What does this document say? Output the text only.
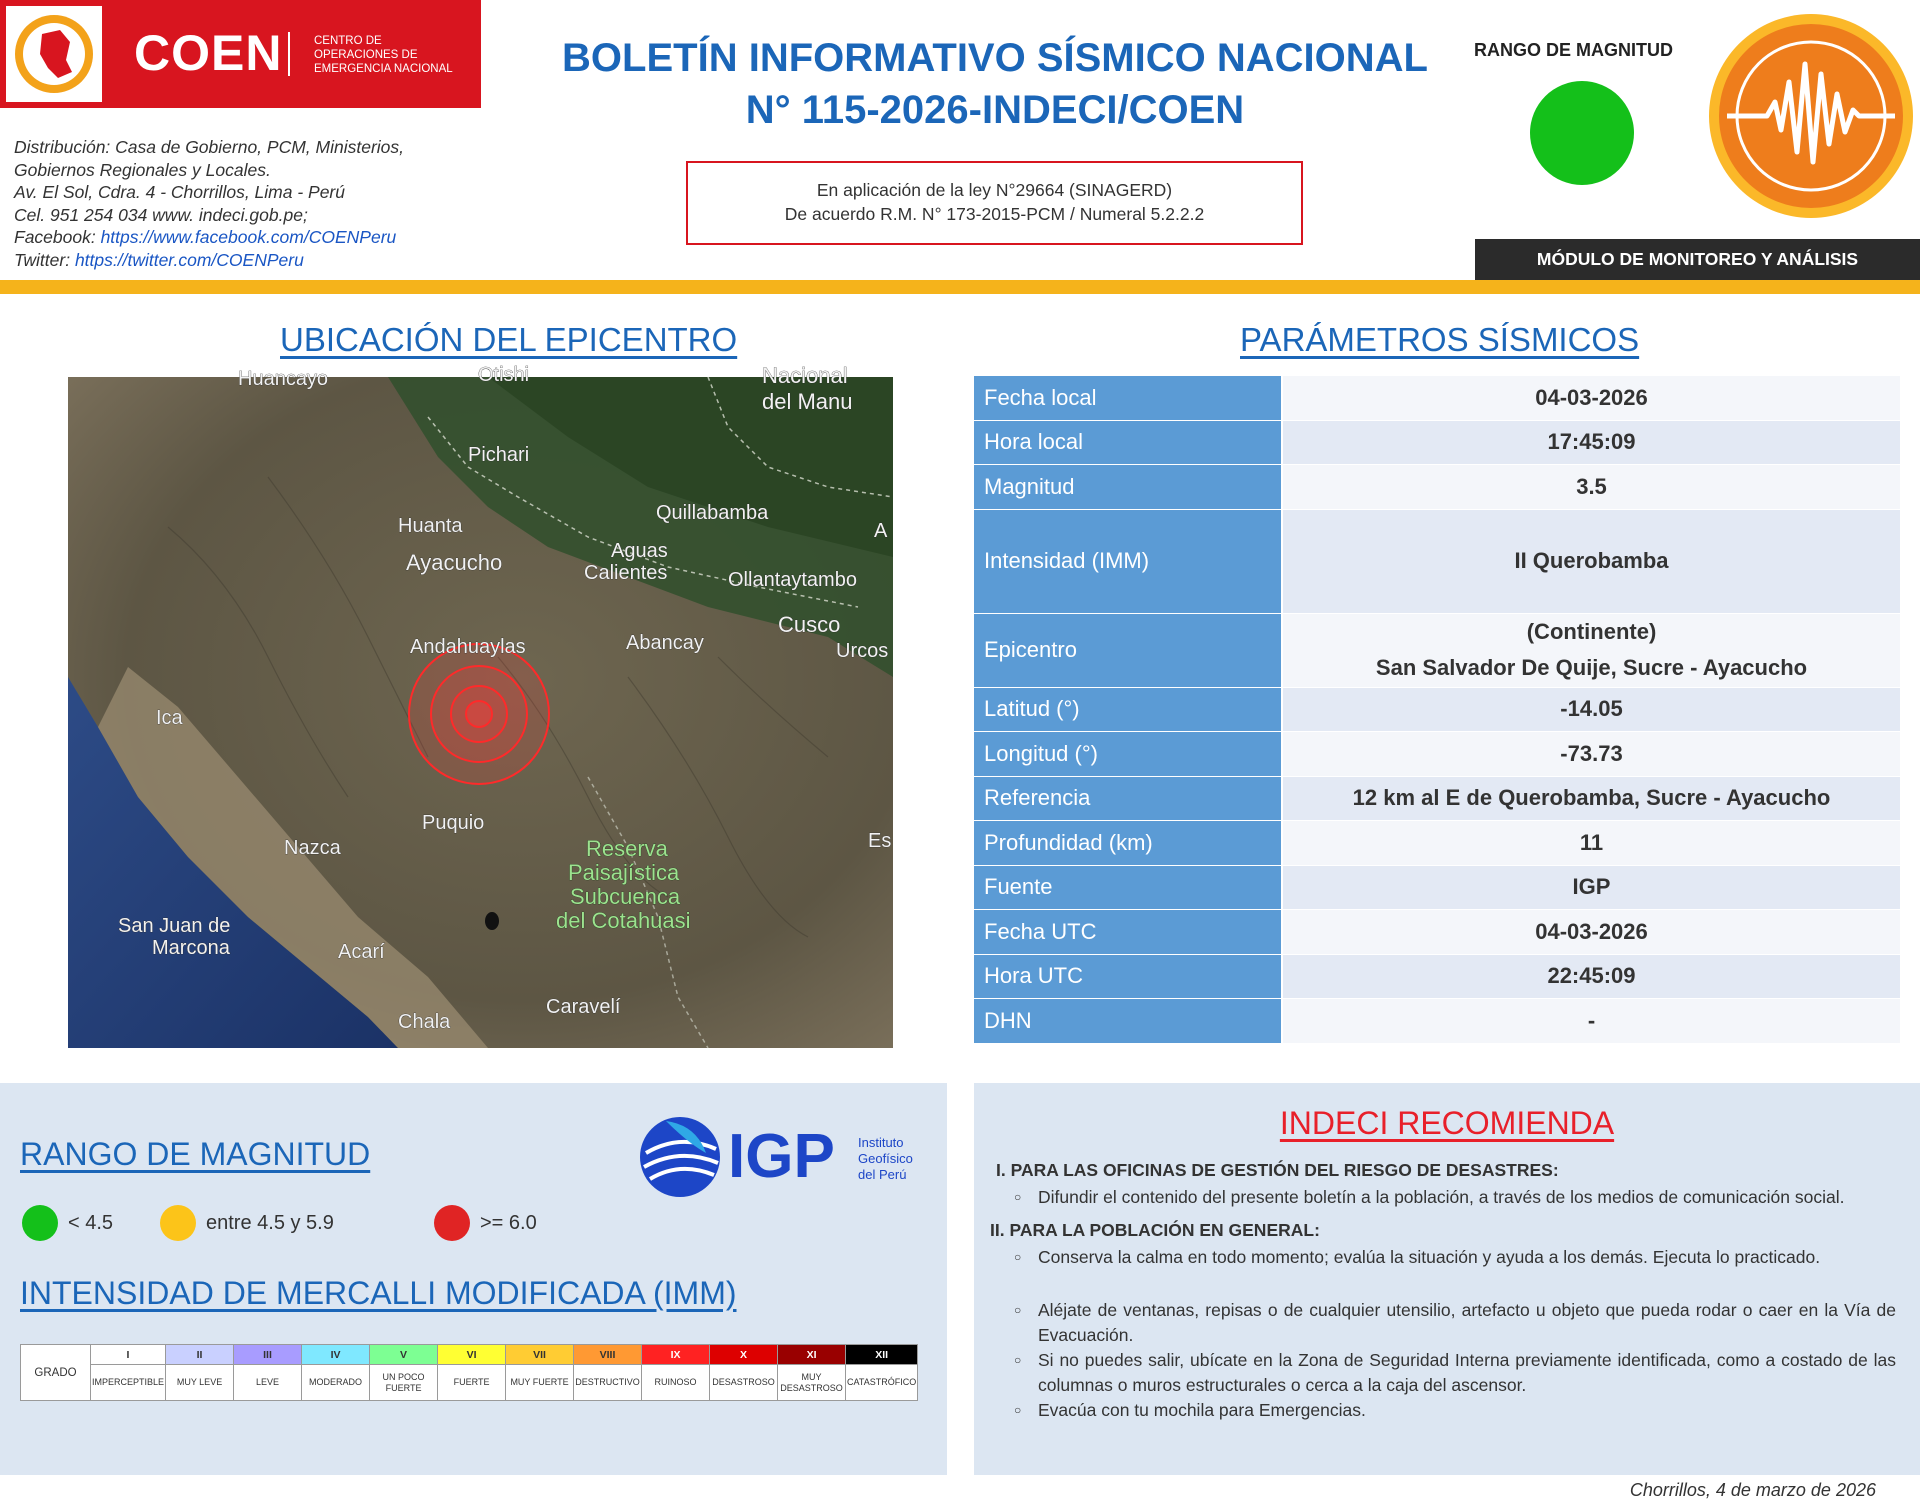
COEN	CENTRO DE
OPERACIONES DE
EMERGENCIA NACIONAL
Distribución: Casa de Gobierno, PCM, Ministerios,
Gobiernos Regionales y Locales.
Av. El Sol, Cdra. 4 - Chorrillos, Lima - Perú
Cel. 951 254 034 www. indeci.gob.pe;
Facebook: https://www.facebook.com/COENPeru
Twitter: https://twitter.com/COENPeru
BOLETÍN INFORMATIVO SÍSMICO NACIONAL
N° 115-2026-INDECI/COEN
En aplicación de la ley N°29664 (SINAGERD)
De acuerdo R.M. N° 173-2015-PCM / Numeral 5.2.2.2
RANGO DE MAGNITUD
MÓDULO DE MONITOREO Y ANÁLISIS
UBICACIÓN DEL EPICENTRO	PARÁMETROS SÍSMICOS
Huancayo	Otishi	Nacional
del Manu
Pichari
Quillabamba
Huanta
Ayacucho	Aguas
Calientes	Ollantaytambo
A
Andahuaylas	Abancay
Cusco
Urcos
Ica
Puquio
Nazca	Es
Reserva
Paisajística
Subcuenca
del Cotahuasi
San Juan de
Marcona	Acarí
Chala
Caravelí
Fecha local	04-03-2026
Hora local	17:45:09
Magnitud	3.5
Intensidad (IMM)	II Querobamba
Epicentro
(Continente)
San Salvador De Quije, Sucre - Ayacucho
Latitud (°)	-14.05
Longitud (°)	-73.73
Referencia	12 km al E de Querobamba, Sucre - Ayacucho
Profundidad (km)	11
Fuente	IGP
Fecha UTC	04-03-2026
Hora UTC	22:45:09
DHN	-
RANGO DE MAGNITUD	IGP Instituto
Geofísico
del Perú
< 4.5	entre 4.5 y 5.9	>= 6.0
INTENSIDAD DE MERCALLI MODIFICADA (IMM)
GRADO	I	II	III	IV	V	VI	VII	VIII	IX	X	XI	XII
	IMPERCEPTIBLE	MUY LEVE	LEVE	MODERADO	UN POCO FUERTE	FUERTE	MUY FUERTE	DESTRUCTIVO	RUINOSO	DESASTROSO	MUY DESASTROSO	CATASTRÓFICO
INDECI RECOMIENDA
I. PARA LAS OFICINAS DE GESTIÓN DEL RIESGO DE DESASTRES:
○ Difundir el contenido del presente boletín a la población, a través de los medios de comunicación social.
II. PARA LA POBLACIÓN EN GENERAL:
○ Conserva la calma en todo momento; evalúa la situación y ayuda a los demás. Ejecuta lo practicado.
○ Aléjate de ventanas, repisas o de cualquier utensilio, artefacto u objeto que pueda rodar o caer en la Vía de Evacuación.
○ Si no puedes salir, ubícate en la Zona de Seguridad Interna previamente identificada, como a costado de las columnas o muros estructurales o cerca a la caja del ascensor.
○ Evacúa con tu mochila para Emergencias.
Chorrillos, 4 de marzo de 2026
